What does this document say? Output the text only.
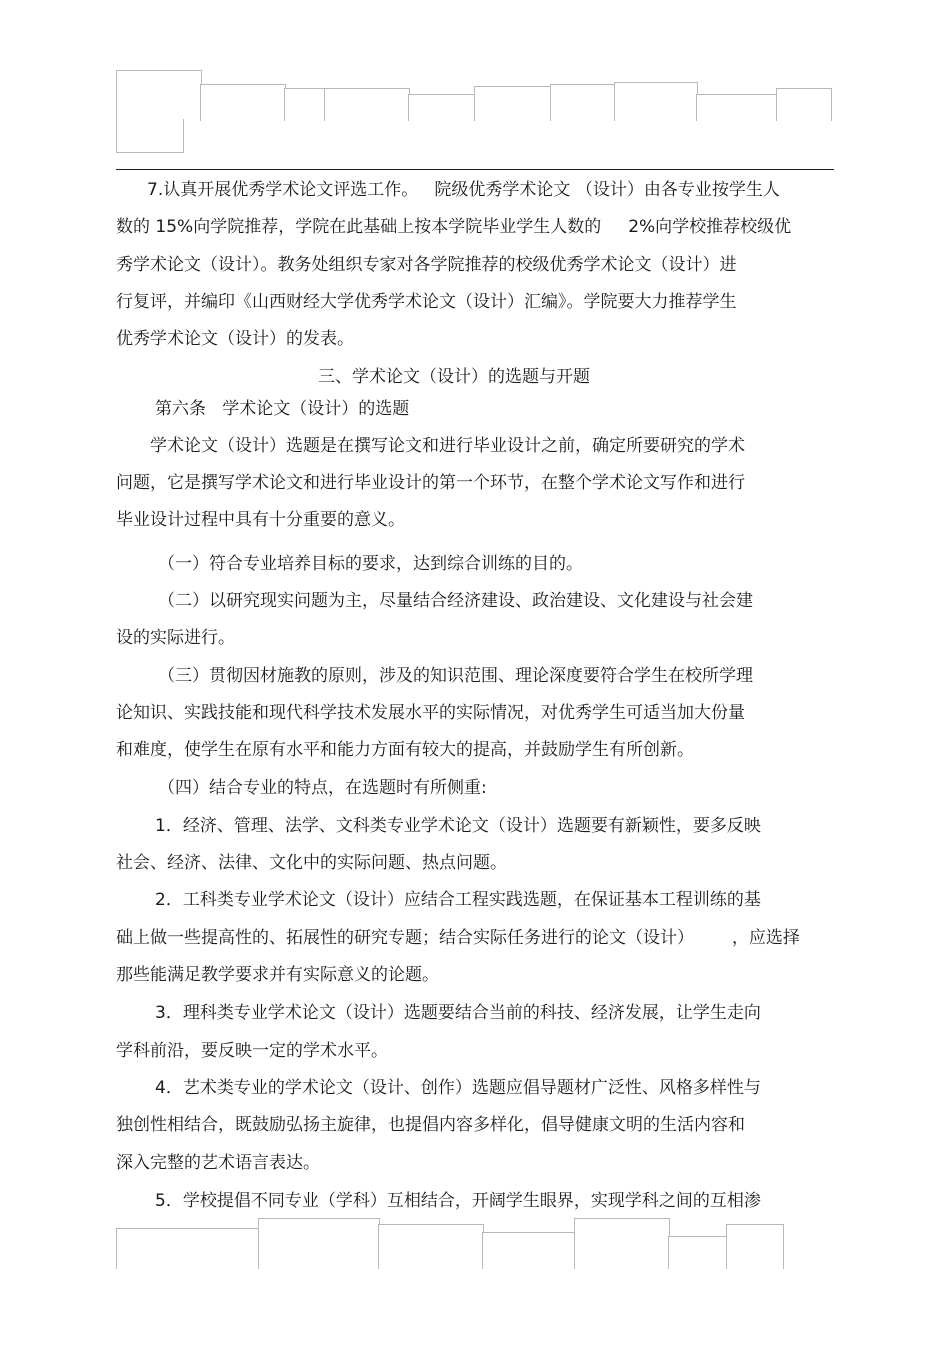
7.认真开展优秀学术论文评选工作。   院级优秀学术论文 （设计）由各专业按学生人
数的 15%向学院推荐，学院在此基础上按本学院毕业学生人数的     2%向学校推荐校级优
秀学术论文（设计）。教务处组织专家对各学院推荐的校级优秀学术论文（设计）进
行复评，并编印《山西财经大学优秀学术论文（设计）汇编》。学院要大力推荐学生
优秀学术论文（设计）的发表。
三、学术论文（设计）的选题与开题
第六条   学术论文（设计）的选题
学术论文（设计）选题是在撰写论文和进行毕业设计之前，确定所要研究的学术
问题，它是撰写学术论文和进行毕业设计的第一个环节，在整个学术论文写作和进行
毕业设计过程中具有十分重要的意义。
（一）符合专业培养目标的要求，达到综合训练的目的。
（二）以研究现实问题为主，尽量结合经济建设、政治建设、文化建设与社会建
设的实际进行。
（三）贯彻因材施教的原则，涉及的知识范围、理论深度要符合学生在校所学理
论知识、实践技能和现代科学技术发展水平的实际情况，对优秀学生可适当加大份量
和难度，使学生在原有水平和能力方面有较大的提高，并鼓励学生有所创新。
（四）结合专业的特点，在选题时有所侧重:
1．经济、管理、法学、文科类专业学术论文（设计）选题要有新颖性，要多反映
社会、经济、法律、文化中的实际问题、热点问题。
2．工科类专业学术论文（设计）应结合工程实践选题，在保证基本工程训练的基
础上做一些提高性的、拓展性的研究专题；结合实际任务进行的论文（设计）       ，应选择
那些能满足教学要求并有实际意义的论题。
3．理科类专业学术论文（设计）选题要结合当前的科技、经济发展，让学生走向
学科前沿，要反映一定的学术水平。
4．艺术类专业的学术论文（设计、创作）选题应倡导题材广泛性、风格多样性与
独创性相结合，既鼓励弘扬主旋律，也提倡内容多样化，倡导健康文明的生活内容和
深入完整的艺术语言表达。
5．学校提倡不同专业（学科）互相结合，开阔学生眼界，实现学科之间的互相渗
